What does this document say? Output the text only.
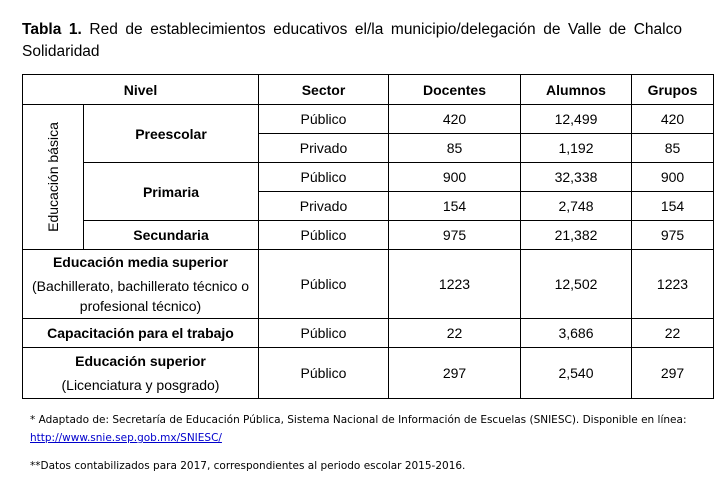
Tabla 1. Red de establecimientos educativos el/la municipio/delegación de Valle de Chalco Solidaridad
Nivel		Sector	Docentes	Alumnos	Grupos

Educación básica	Preescolar	Público	420	12,499	420
		Privado	85	1,192	85
	Primaria	Público	900	32,338	900
		Privado	154	2,748	154
	Secundaria	Público	975	21,382	975

Educación media superior
(Bachillerato, bachillerato técnico o profesional técnico)		Público	1223	12,502	1223
Capacitación para el trabajo		Público	22	3,686	22

Educación superior
(Licenciatura y posgrado)		Público	297	2,540	297
* Adaptado de: Secretaría de Educación Pública, Sistema Nacional de Información de Escuelas (SNIESC). Disponible en línea: http://www.snie.sep.gob.mx/SNIESC/
**Datos contabilizados para 2017, correspondientes al periodo escolar 2015-2016.
